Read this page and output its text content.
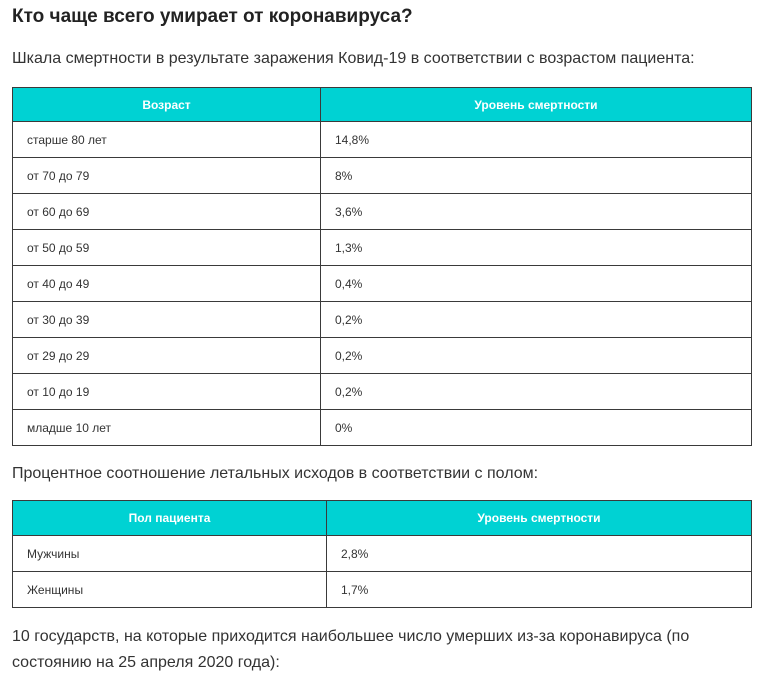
Кто чаще всего умирает от коронавируса?

Шкала смертности в результате заражения Ковид-19 в соответствии с возрастом пациента:

Возраст	Уровень смертности
старше 80 лет	14,8%
от 70 до 79	8%
от 60 до 69	3,6%
от 50 до 59	1,3%
от 40 до 49	0,4%
от 30 до 39	0,2%
от 29 до 29	0,2%
от 10 до 19	0,2%
младше 10 лет	0%

Процентное соотношение летальных исходов в соответствии с полом:

Пол пациента	Уровень смертности
Мужчины	2,8%
Женщины	1,7%

10 государств, на которые приходится наибольшее число умерших из-за коронавируса (по состоянию на 25 апреля 2020 года):
